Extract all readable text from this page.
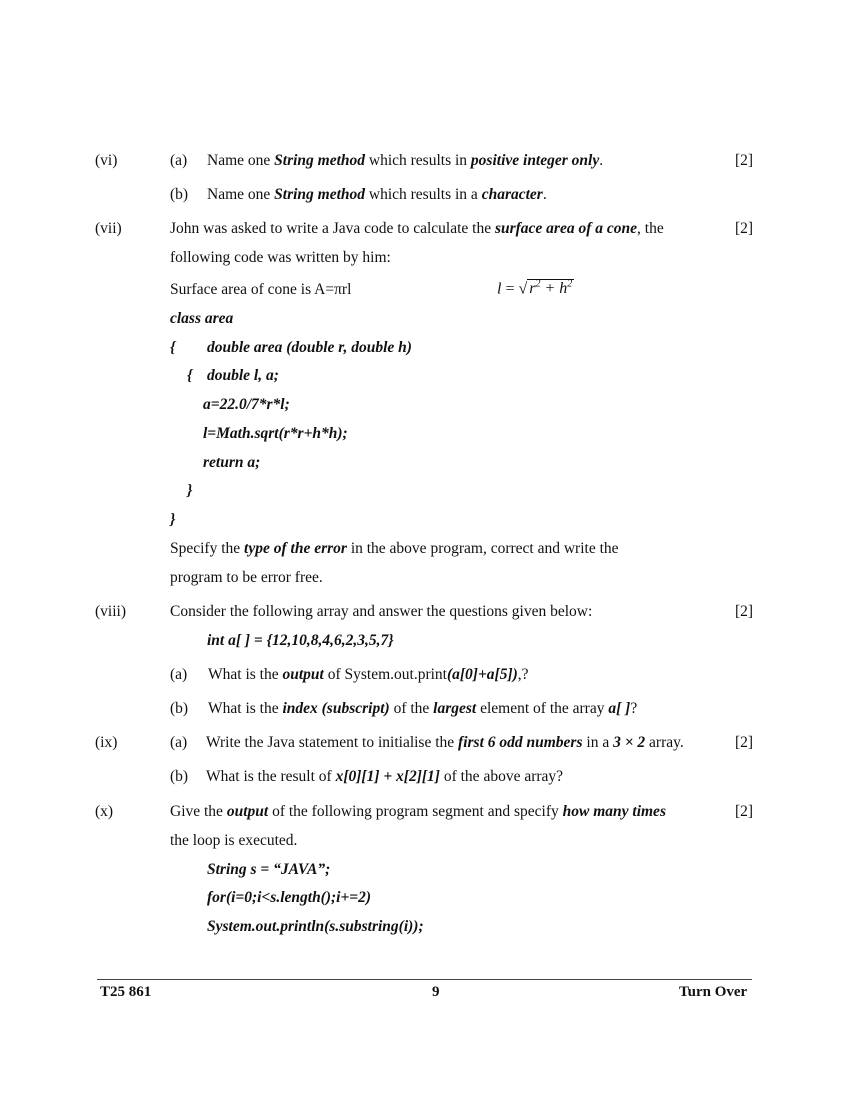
(vi)	(a) Name one String method which results in positive integer only.	[2]
(b) Name one String method which results in a character.
(vii)	John was asked to write a Java code to calculate the surface area of a cone, the	[2]
following code was written by him:
Surface area of cone is A=πrl	l = √ $r^2 + h^2$
class area
{ double area (double r, double h)
{ double l, a;
a=22.0/7*r*l;
l=Math.sqrt(r*r+h*h);
return a;
}
}
Specify the type of the error in the above program, correct and write the
program to be error free.
(viii)	Consider the following array and answer the questions given below:	[2]
int a[ ] = {12,10,8,4,6,2,3,5,7}
(a) What is the output of System.out.print(a[0]+a[5]),?
(b) What is the index (subscript) of the largest element of the array a[ ]?
(ix)	(a) Write the Java statement to initialise the first 6 odd numbers in a 3 × 2 array.	[2]
(b) What is the result of x[0][1] + x[2][1] of the above array?
(x)	Give the output of the following program segment and specify how many times	[2]
the loop is executed.
String s = “JAVA”;
for(i=0;i<s.length();i+=2)
System.out.println(s.substring(i));
T25 861	9	Turn Over
